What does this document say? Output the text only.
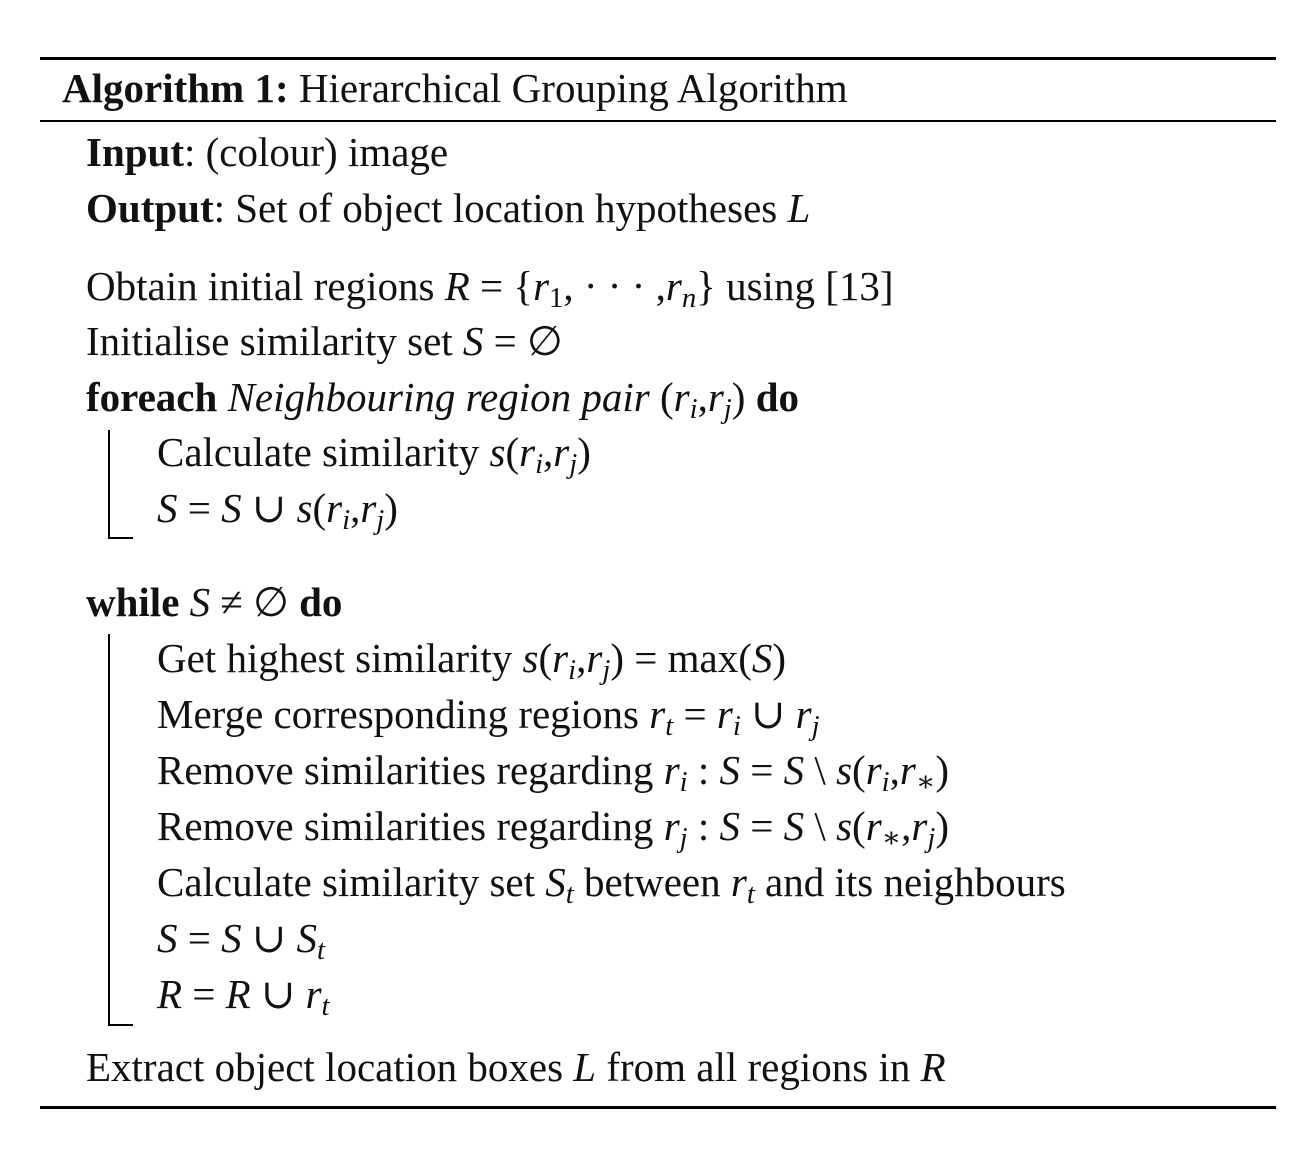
Algorithm 1: Hierarchical Grouping Algorithm
Input: (colour) image
Output: Set of object location hypotheses L
Obtain initial regions $R = \{r_1$, · · · $,r_n$} using [13]
Initialise similarity set S = ∅
foreach Neighbouring region pair $(r_i,r_j)$ do
Calculate similarity $s(r_i,r_j)$
S = S ∪ $s(r_i,r_j)$
while S ≠ ∅ do
Get highest similarity $s(r_i,r_j) = \max(S)$
Merge corresponding regions $r_t = r_i$ ∪ $r_j$
Remove similarities regarding $r_i$ : S = S \ $s(r_i,r_∗)$
Remove similarities regarding $r_j$ : S = S \ $s(r_∗,r_j)$
Calculate similarity set $S_t$ between $r_t$ and its neighbours
S = S ∪ $S_t$
R = R ∪ $r_t$
Extract object location boxes L from all regions in R
